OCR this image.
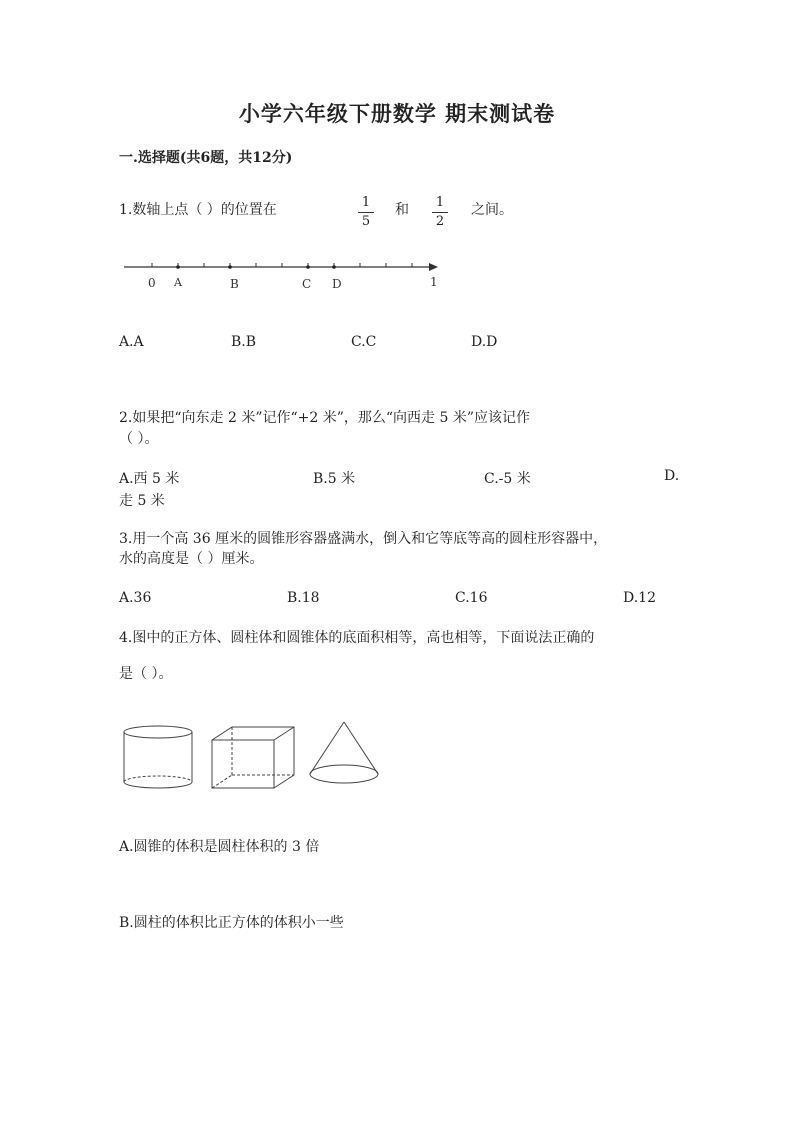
小学六年级下册数学 期末测试卷
一.选择题(共6题，共12分)
1.数轴上点（ ）的位置在	1
5
和 1
2
之间。
0 A	B	C D	1
A.A	B.B	C.C	D.D
2.如果把“向东走 2 米”记作“+2 米”，那么“向西走 5 米”应该记作
（ ）。
A.西 5 米	B.5 米	C.-5 米	D.
走 5 米
3.用一个高 36 厘米的圆锥形容器盛满水，倒入和它等底等高的圆柱形容器中，
水的高度是（ ）厘米。
A.36	B.18	C.16	D.12
4.图中的正方体、圆柱体和圆锥体的底面积相等，高也相等，下面说法正确的
是（ ）。
A.圆锥的体积是圆柱体积的 3 倍
B.圆柱的体积比正方体的体积小一些
